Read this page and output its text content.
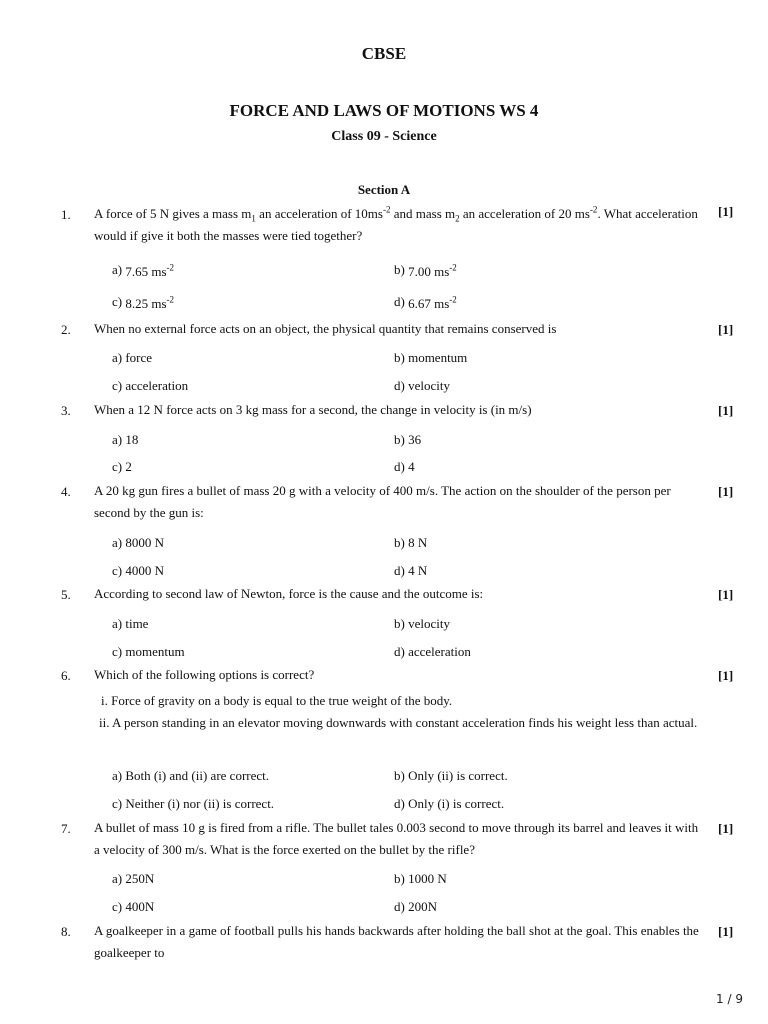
CBSE
FORCE AND LAWS OF MOTIONS WS 4
Class 09 - Science
Section A
1. A force of 5 N gives a mass $m_1$ an acceleration of $10ms^{-2}$ and mass $m_2$ an acceleration of 20 $ms^{-2}$. What acceleration would if give it both the masses were tied together?
[1]
a) 7.65 $ms^{-2}$	b) 7.00 $ms^{-2}$
c) 8.25 $ms^{-2}$	d) 6.67 $ms^{-2}$
2. When no external force acts on an object, the physical quantity that remains conserved is	[1]
a) force	b) momentum
c) acceleration	d) velocity
3. When a 12 N force acts on 3 kg mass for a second, the change in velocity is (in m/s)	[1]
a) 18	b) 36
c) 2	d) 4
4. A 20 kg gun fires a bullet of mass 20 g with a velocity of 400 m/s. The action on the shoulder of the person per second by the gun is:
[1]
a) 8000 N	b) 8 N
c) 4000 N	d) 4 N
5. According to second law of Newton, force is the cause and the outcome is:	[1]
a) time	b) velocity
c) momentum	d) acceleration
6. Which of the following options is correct?	[1]
i. Force of gravity on a body is equal to the true weight of the body.
ii. A person standing in an elevator moving downwards with constant acceleration finds his weight less than actual.
a) Both (i) and (ii) are correct.	b) Only (ii) is correct.
c) Neither (i) nor (ii) is correct.	d) Only (i) is correct.
7. A bullet of mass 10 g is fired from a rifle. The bullet tales 0.003 second to move through its barrel and leaves it with a velocity of 300 m/s. What is the force exerted on the bullet by the rifle?
[1]
a) 250N	b) 1000 N
c) 400N	d) 200N
8. A goalkeeper in a game of football pulls his hands backwards after holding the ball shot at the goal. This enables the goalkeeper to
[1]
1 / 9
